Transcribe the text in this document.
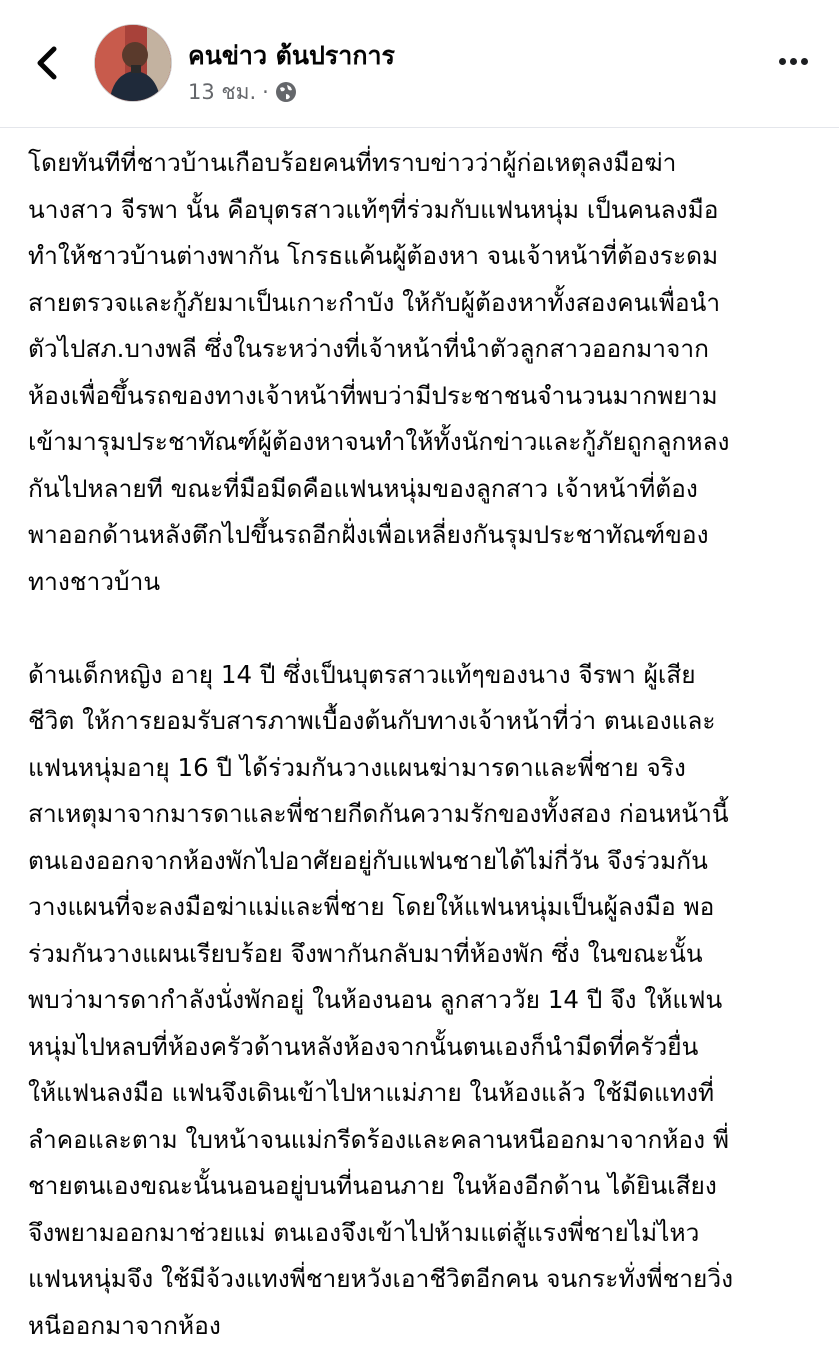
คนข่าว ต้นปราการ
13 ชม. ·
โดยทันทีที่ชาวบ้านเกือบร้อยคนที่ทราบข่าวว่าผู้ก่อเหตุลงมือฆ่า
นางสาว จีรพา นั้น คือบุตรสาวแท้ๆที่ร่วมกับแฟนหนุ่ม เป็นคนลงมือ
ทำให้ชาวบ้านต่างพากัน โกรธแค้นผู้ต้องหา จนเจ้าหน้าที่ต้องระดม
สายตรวจและกู้ภัยมาเป็นเกาะกำบัง ให้กับผู้ต้องหาทั้งสองคนเพื่อนำ
ตัวไปสภ.บางพลี ซึ่งในระหว่างที่เจ้าหน้าที่นำตัวลูกสาวออกมาจาก
ห้องเพื่อขึ้นรถของทางเจ้าหน้าที่พบว่ามีประชาชนจำนวนมากพยาม
เข้ามารุมประชาทัณฑ์ผู้ต้องหาจนทำให้ทั้งนักข่าวและกู้ภัยถูกลูกหลง
กันไปหลายที ขณะที่มือมีดคือแฟนหนุ่มของลูกสาว เจ้าหน้าที่ต้อง
พาออกด้านหลังตึกไปขึ้นรถอีกฝั่งเพื่อเหลี่ยงกันรุมประชาทัณฑ์ของ
ทางชาวบ้าน
ด้านเด็กหญิง อายุ 14 ปี ซึ่งเป็นบุตรสาวแท้ๆของนาง จีรพา ผู้เสีย
ชีวิต ให้การยอมรับสารภาพเบื้องต้นกับทางเจ้าหน้าที่ว่า ตนเองและ
แฟนหนุ่มอายุ 16 ปี ได้ร่วมกันวางแผนฆ่ามารดาและพี่ชาย จริง
สาเหตุมาจากมารดาและพี่ชายกีดกันความรักของทั้งสอง ก่อนหน้านี้
ตนเองออกจากห้องพักไปอาศัยอยู่กับแฟนชายได้ไม่กี่วัน จึงร่วมกัน
วางแผนที่จะลงมือฆ่าแม่และพี่ชาย โดยให้แฟนหนุ่มเป็นผู้ลงมือ พอ
ร่วมกันวางแผนเรียบร้อย จึงพากันกลับมาที่ห้องพัก ซึ่ง ในขณะนั้น
พบว่ามารดากำลังนั่งพักอยู่ ในห้องนอน ลูกสาววัย 14 ปี จึง ให้แฟน
หนุ่มไปหลบที่ห้องครัวด้านหลังห้องจากนั้นตนเองก็นำมีดที่ครัวยื่น
ให้แฟนลงมือ แฟนจึงเดินเข้าไปหาแม่ภาย ในห้องแล้ว ใช้มีดแทงที่
ลำคอและตาม ใบหน้าจนแม่กรีดร้องและคลานหนีออกมาจากห้อง พี่
ชายตนเองขณะนั้นนอนอยู่บนที่นอนภาย ในห้องอีกด้าน ได้ยินเสียง
จึงพยามออกมาช่วยแม่ ตนเองจึงเข้าไปห้ามแต่สู้แรงพี่ชายไม่ไหว
แฟนหนุ่มจึง ใช้มีจ้วงแทงพี่ชายหวังเอาชีวิตอีกคน จนกระทั่งพี่ชายวิ่ง
หนีออกมาจากห้อง
